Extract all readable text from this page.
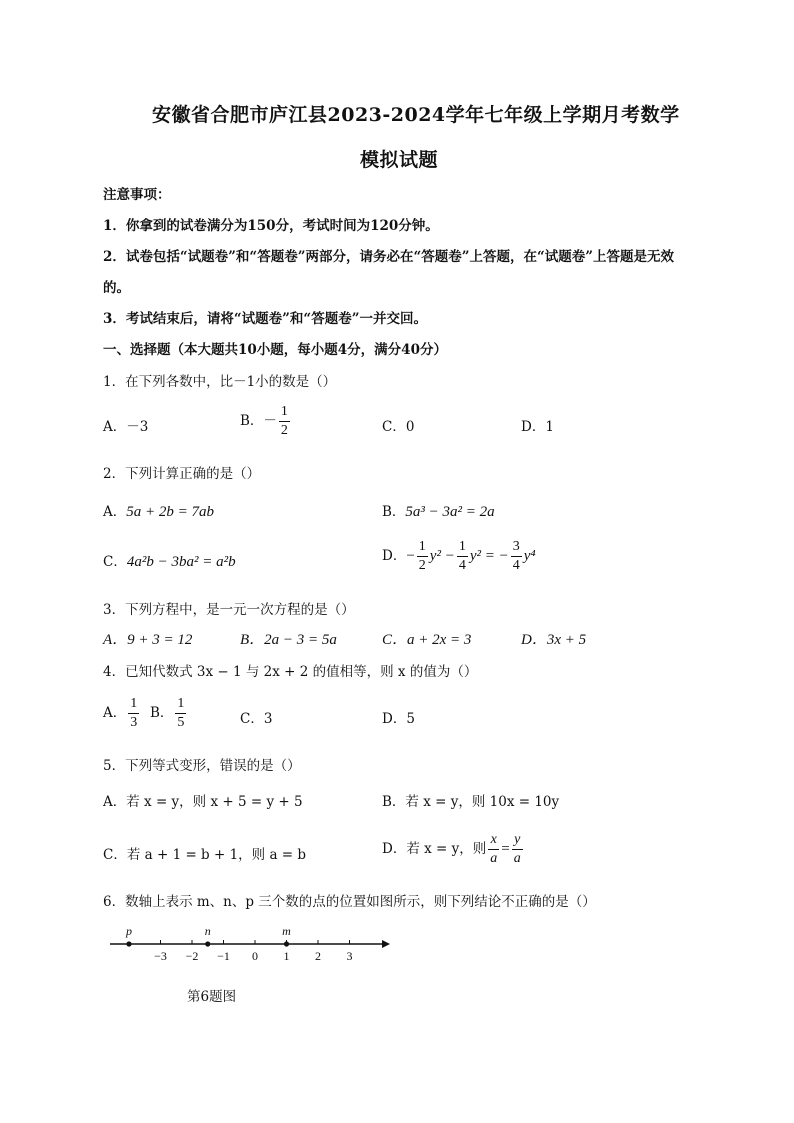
安徽省合肥市庐江县2023-2024学年七年级上学期月考数学
模拟试题
注意事项：
1．你拿到的试卷满分为150分，考试时间为120分钟。
2．试卷包括“试题卷”和“答题卷”两部分，请务必在“答题卷”上答题，在“试题卷”上答题是无效
的。
3．考试结束后，请将“试题卷”和“答题卷”一并交回。
一、选择题（本大题共10小题，每小题4分，满分40分）
1．在下列各数中，比－1小的数是（）
A．－3	B．－ $\frac{1}{2}$	C．0	D．1
2．下列计算正确的是（）
A．5a + 2b = 7ab	B．5a³ − 3a² = 2a
C．4a²b − 3ba² = a²b	D．− $\frac{1}{2} y^2 - \frac{1}{4} y^2$ = − $\frac{3}{4} y^4$
3．下列方程中，是一元一次方程的是（）
A．9 + 3 = 12	B．2a − 3 = 5a	C．a + 2x = 3	D．3x + 5
4．已知代数式 3x − 1 与 2x + 2 的值相等，则 x 的值为（）
A． $\frac{1}{3}$ B． $\frac{1}{5}$	C．3	D．5
5．下列等式变形，错误的是（）
A．若 x = y，则 x + 5 = y + 5	B．若 x = y，则 10x = 10y
C．若 a + 1 = b + 1，则 a = b	D．若 x = y，则 $\frac{x}{a} = \frac{y}{a}$
6．数轴上表示 m、n、p 三个数的点的位置如图所示，则下列结论不正确的是（）
−3 −2 −1 0 1 2 3
p	n	m
第6题图
